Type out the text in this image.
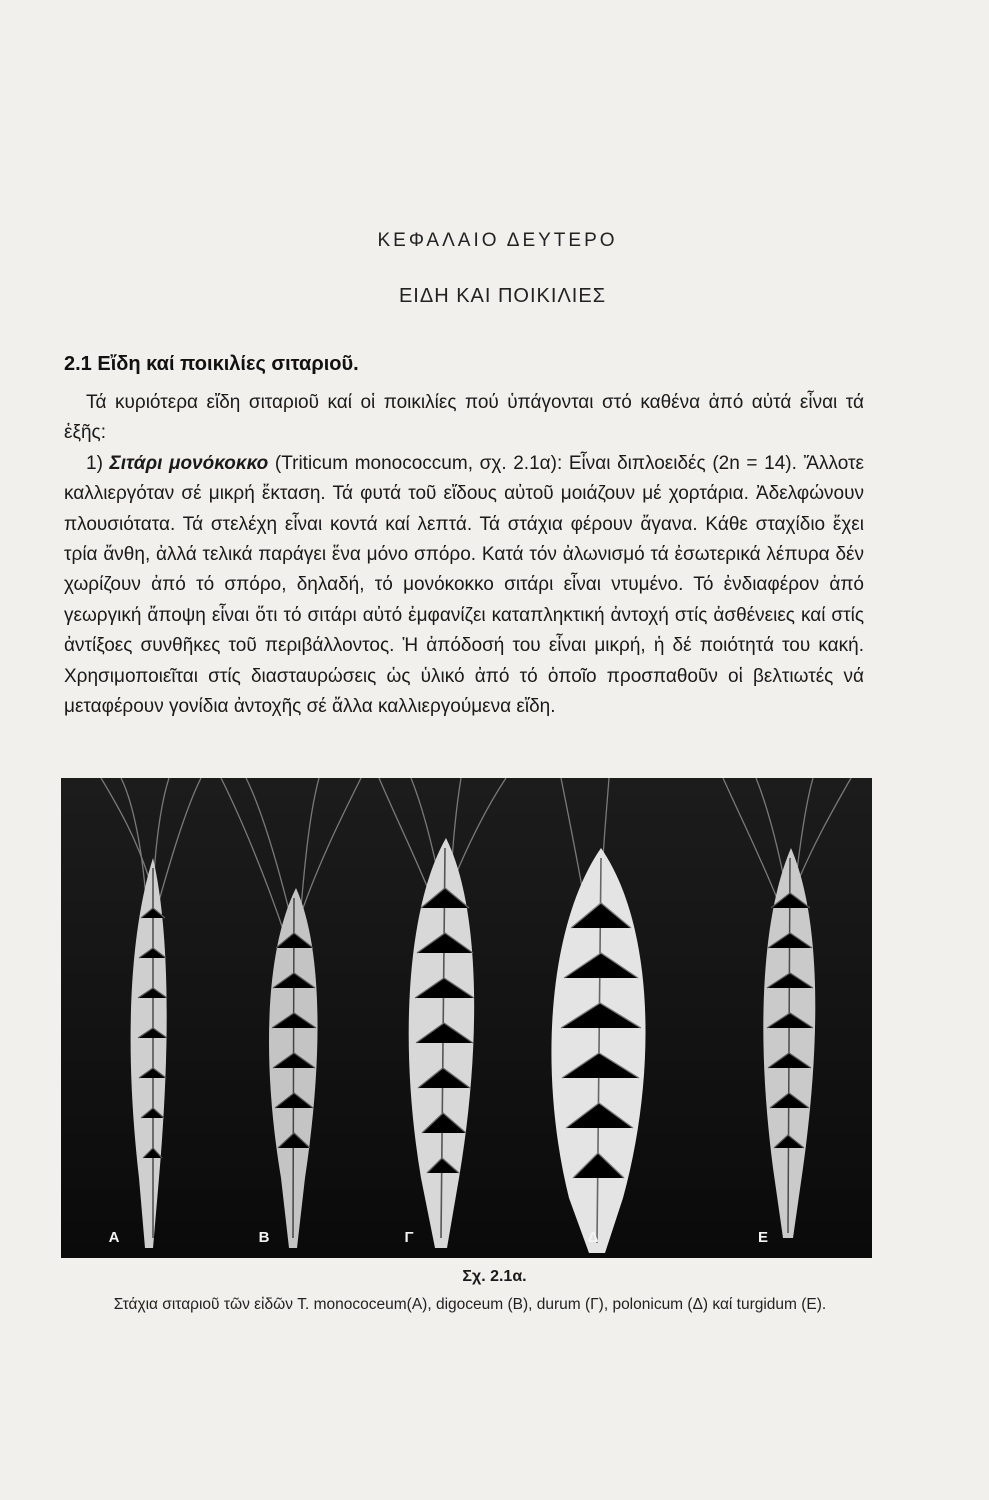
ΚΕΦΑΛΑΙΟ ΔΕΥΤΕΡΟ
ΕΙΔΗ ΚΑΙ ΠΟΙΚΙΛΙΕΣ
2.1 Εἴδη καί ποικιλίες σιταριοῦ.

Τά κυριότερα εἴδη σιταριοῦ καί οἱ ποικιλίες πού ὑπάγονται στό καθένα ἀπό αὐτά εἶναι τά ἑξῆς:

1) Σιτάρι μονόκοκκο (Triticum monococcum, σχ. 2.1α): Εἶναι διπλοειδές (2n = 14). Ἄλλοτε καλλιεργόταν σέ μικρή ἔκταση. Τά φυτά τοῦ εἴδους αὐτοῦ μοιάζουν μέ χορτάρια. Ἀδελφώνουν πλουσιότατα. Τά στελέχη εἶναι κοντά καί λεπτά. Τά στάχια φέρουν ἄγανα. Κάθε σταχίδιο ἔχει τρία ἄνθη, ἀλλά τελικά παράγει ἕνα μόνο σπόρο. Κατά τόν ἀλωνισμό τά ἐσωτερικά λέπυρα δέν χωρίζουν ἀπό τό σπόρο, δηλαδή, τό μονόκοκκο σιτάρι εἶναι ντυμένο. Τό ἐνδιαφέρον ἀπό γεωργική ἄποψη εἶναι ὅτι τό σιτάρι αὐτό ἐμφανίζει καταπληκτική ἀντοχή στίς ἀσθένειες καί στίς ἀντίξοες συνθῆκες τοῦ περιβάλλοντος. Ἡ ἀπόδοσή του εἶναι μικρή, ἡ δέ ποιότητά του κακή. Χρησιμοποιεῖται στίς διασταυρώσεις ὡς ὑλικό ἀπό τό ὁποῖο προσπαθοῦν οἱ βελτιωτές νά μεταφέρουν γονίδια ἀντοχῆς σέ ἄλλα καλλιεργούμενα εἴδη.

Α	Β	Γ	Δ	Ε
Σχ. 2.1α.
Στάχια σιταριοῦ τῶν εἰδῶν T. monococeum(Α), digoceum (Β), durum (Γ), polonicum (Δ) καί turgidum (Ε).
